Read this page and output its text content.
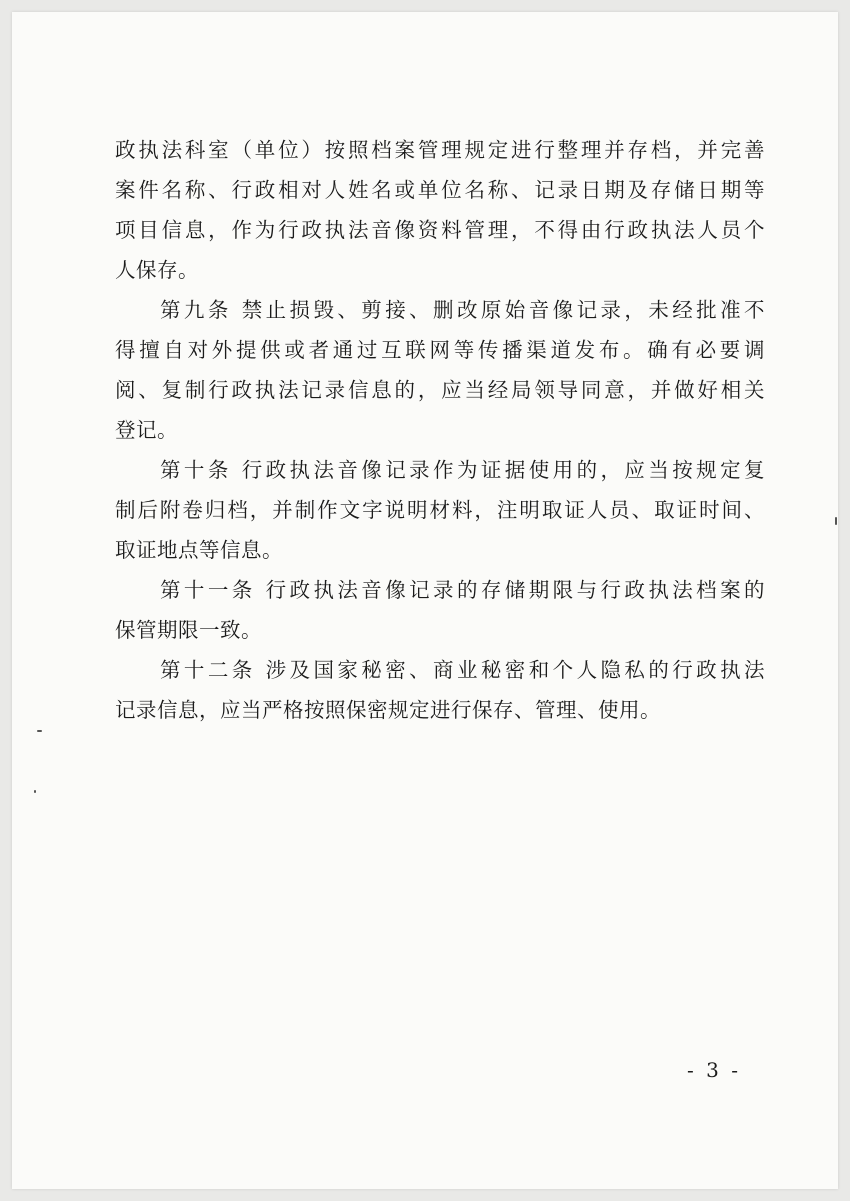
政执法科室（单位）按照档案管理规定进行整理并存档，并完善
案件名称、行政相对人姓名或单位名称、记录日期及存储日期等
项目信息，作为行政执法音像资料管理，不得由行政执法人员个
人保存。
第九条 禁止损毁、剪接、删改原始音像记录，未经批准不
得擅自对外提供或者通过互联网等传播渠道发布。确有必要调
阅、复制行政执法记录信息的，应当经局领导同意，并做好相关
登记。
第十条 行政执法音像记录作为证据使用的，应当按规定复
制后附卷归档，并制作文字说明材料，注明取证人员、取证时间、
取证地点等信息。
第十一条 行政执法音像记录的存储期限与行政执法档案的
保管期限一致。
第十二条 涉及国家秘密、商业秘密和个人隐私的行政执法
记录信息，应当严格按照保密规定进行保存、管理、使用。
- 3 -
